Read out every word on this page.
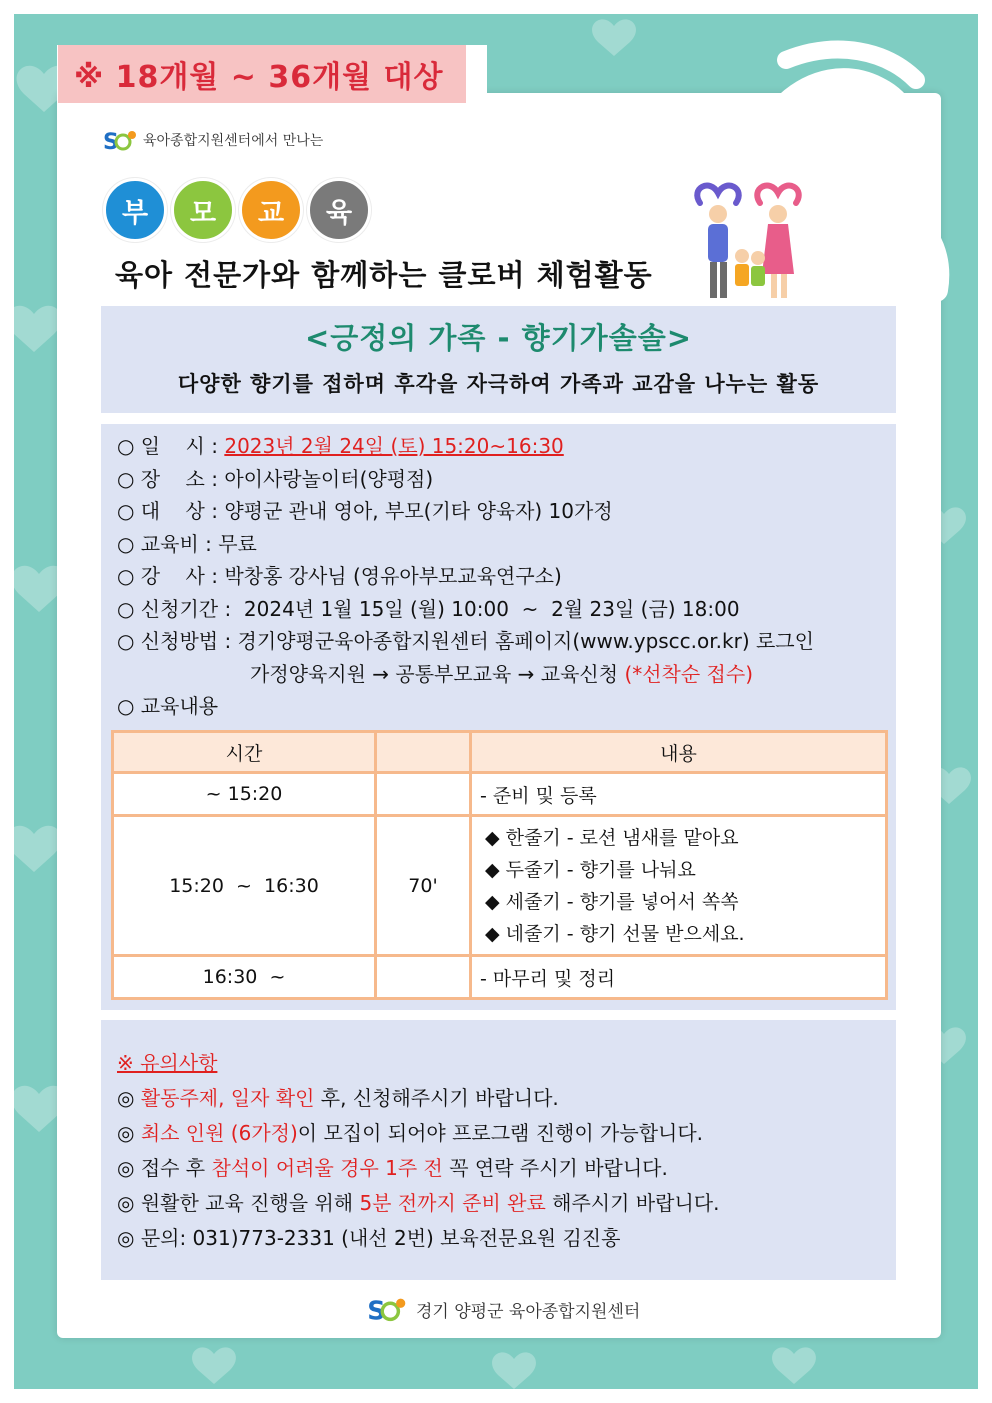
※ 18개월 ~ 36개월 대상
S 육아종합지원센터에서 만나는
부	모	교	육
육아 전문가와 함께하는 클로버 체험활동
<긍정의 가족 - 향기가솔솔>
다양한 향기를 접하며 후각을 자극하여 가족과 교감을 나누는 활동
○ 일    시 : 2023년 2월 24일 (토) 15:20~16:30
○ 장    소 : 아이사랑놀이터(양평점)
○ 대    상 : 양평군 관내 영아, 부모(기타 양육자) 10가정
○ 교육비 : 무료
○ 강    사 : 박창홍 강사님 (영유아부모교육연구소)
○ 신청기간 :  2024년 1월 15일 (월) 10:00  ~  2월 23일 (금) 18:00
○ 신청방법 : 경기양평군육아종합지원센터 홈페이지(www.ypscc.or.kr) 로그인
가정양육지원 → 공통부모교육 → 교육신청 (*선착순 접수)
○ 교육내용
시간		내용
~ 15:20		- 준비 및 등록
15:20  ~  16:30	70'	◆ 한줄기 - 로션 냄새를 맡아요
◆ 두줄기 - 향기를 나눠요
◆ 세줄기 - 향기를 넣어서 쏙쏙
◆ 네줄기 - 향기 선물 받으세요.

16:30  ~		- 마무리 및 정리
※ 유의사항
◎ 활동주제, 일자 확인 후, 신청해주시기 바랍니다.
◎ 최소 인원 (6가정)이 모집이 되어야 프로그램 진행이 가능합니다.
◎ 접수 후 참석이 어려울 경우 1주 전 꼭 연락 주시기 바랍니다.
◎ 원활한 교육 진행을 위해 5분 전까지 준비 완료 해주시기 바랍니다.
◎ 문의: 031)773-2331 (내선 2번) 보육전문요원 김진홍
S 경기 양평군 육아종합지원센터
